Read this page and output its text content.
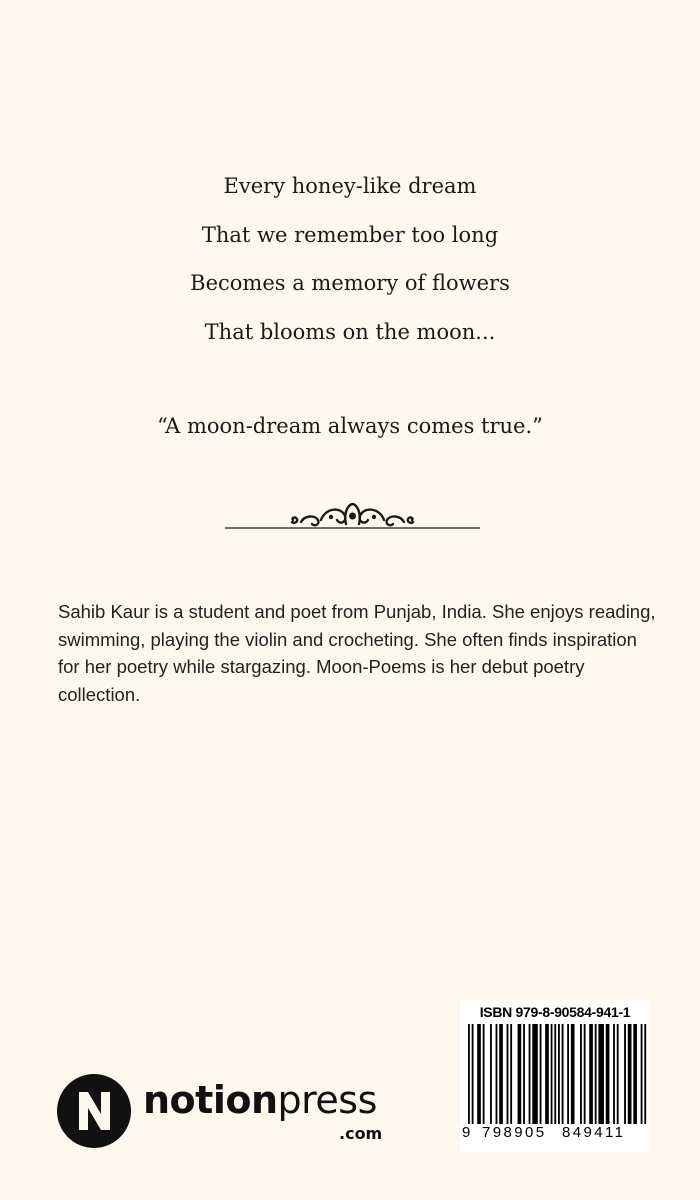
Every honey-like dream
That we remember too long
Becomes a memory of flowers
That blooms on the moon...
“A moon-dream always comes true.”
Sahib Kaur is a student and poet from Punjab, India. She enjoys reading, swimming, playing the violin and crocheting. She often finds inspiration for her poetry while stargazing. Moon-Poems is her debut poetry collection.
notionpress
.com
ISBN 979-8-90584-941-1
9 798905 849411
